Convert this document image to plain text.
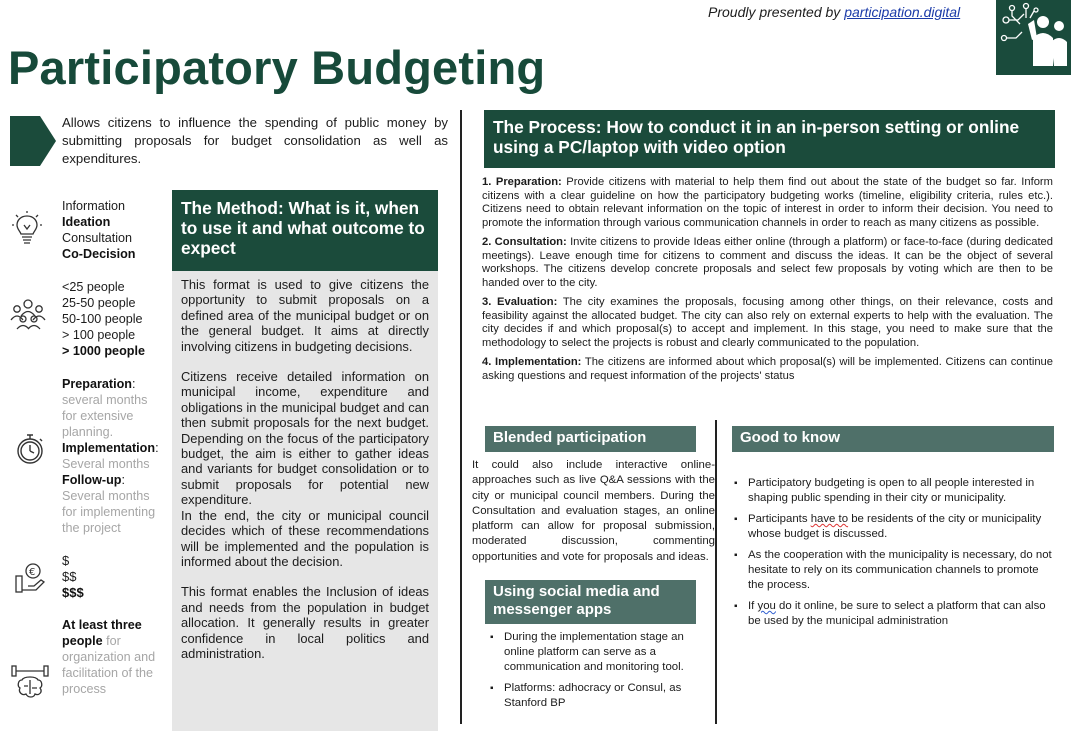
Proudly presented by participation.digital
Participatory Budgeting
Allows citizens to influence the spending of public money by submitting proposals for budget consolidation as well as expenditures.
Information
Ideation
Consultation
Co-Decision
<25 people
25-50 people
50-100 people
> 100 people
> 1000 people
Preparation:
several months
for extensive
planning.
Implementation:
Several months
Follow-up:
Several months
for implementing
the project
€
$
$$
$$$
At least three
people for
organization and
facilitation of the
process
The Method: What is it, when to use it and what outcome to expect

This format is used to give citizens the opportunity to submit proposals on a defined area of the municipal budget or on the general budget. It aims at directly involving citizens in budgeting decisions.

Citizens receive detailed information on municipal income, expenditure and obligations in the municipal budget and can then submit proposals for the next budget. Depending on the focus of the participatory budget, the aim is either to gather ideas and variants for budget consolidation or to submit proposals for potential new expenditure.

In the end, the city or municipal council decides which of these recommendations will be implemented and the population is informed about the decision.

This format enables the Inclusion of ideas and needs from the population in budget allocation. It generally results in greater confidence in local politics and administration.

The Process: How to conduct it in an in-person setting or online using a PC/laptop with video option

1. Preparation: Provide citizens with material to help them find out about the state of the budget so far. Inform citizens with a clear guideline on how the participatory budgeting works (timeline, eligibility criteria, rules etc.). Citizens need to obtain relevant information on the topic of interest in order to inform their decision. You need to promote the information through various communication channels in order to reach as many citizens as possible.

2. Consultation: Invite citizens to provide Ideas either online (through a platform) or face-to-face (during dedicated meetings). Leave enough time for citizens to comment and discuss the ideas. It can be the object of several workshops. The citizens develop concrete proposals and select few proposals by voting which are then to be handed over to the city.

3. Evaluation: The city examines the proposals, focusing among other things, on their relevance, costs and feasibility against the allocated budget. The city can also rely on external experts to help with the evaluation. The city decides if and which proposal(s) to accept and implement. In this stage, you need to make sure that the methodology to select the projects is robust and clearly communicated to the population.

4. Implementation: The citizens are informed about which proposal(s) will be implemented. Citizens can continue asking questions and request information of the projects' status

Blended participation
It could also include interactive online-approaches such as live Q&A sessions with the city or municipal council members. During the Consultation and evaluation stages, an online platform can allow for proposal submission, moderated discussion, commenting opportunities and vote for proposals and ideas.
Using social media and messenger apps
▪ During the implementation stage an online platform can serve as a communication and monitoring tool.
▪ Platforms: adhocracy or Consul, as Stanford BP
Good to know
▪ Participatory budgeting is open to all people interested in shaping public spending in their city or municipality.
▪ Participants have to be residents of the city or municipality whose budget is discussed.
▪ As the cooperation with the municipality is necessary, do not hesitate to rely on its communication channels to promote the process.
▪ If you do it online, be sure to select a platform that can also be used by the municipal administration
